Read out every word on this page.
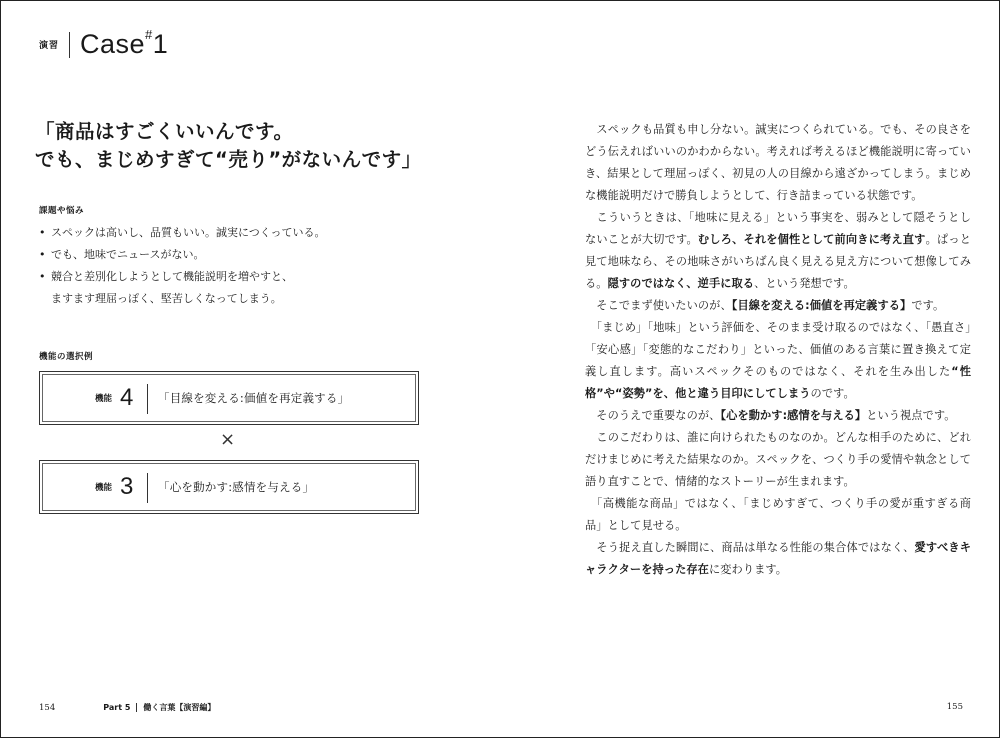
演習 Case#1
「商品はすごくいいんです。
でも、まじめすぎて“売り”がないんです」
課題や悩み
• スペックは高いし、品質もいい。誠実につくっている。
• でも、地味でニュースがない。
• 競合と差別化しようとして機能説明を増やすと、
ますます理屈っぽく、堅苦しくなってしまう。
機能の選択例
機能 4 「目線を変える:価値を再定義する」
×
機能 3 「心を動かす:感情を与える」
154	Part 5 働く言葉【演習編】

　スペックも品質も申し分ない。誠実につくられている。でも、その良さをどう伝えればいいのかわからない。考えれば考えるほど機能説明に寄っていき、結果として理屈っぽく、初見の人の目線から遠ざかってしまう。まじめな機能説明だけで勝負しようとして、行き詰まっている状態です。

　こういうときは、「地味に見える」という事実を、弱みとして隠そうとしないことが大切です。むしろ、それを個性として前向きに考え直す。ぱっと見て地味なら、その地味さがいちばん良く見える見え方について想像してみる。隠すのではなく、逆手に取る、という発想です。

　そこでまず使いたいのが、【目線を変える:価値を再定義する】です。

　「まじめ」「地味」という評価を、そのまま受け取るのではなく、「愚直さ」「安心感」「変態的なこだわり」といった、価値のある言葉に置き換えて定義し直します。高いスペックそのものではなく、それを生み出した“性格”や“姿勢”を、他と違う目印にしてしまうのです。

　そのうえで重要なのが、【心を動かす:感情を与える】という視点です。

　このこだわりは、誰に向けられたものなのか。どんな相手のために、どれだけまじめに考えた結果なのか。スペックを、つくり手の愛情や執念として語り直すことで、情緒的なストーリーが生まれます。

　「高機能な商品」ではなく、「まじめすぎて、つくり手の愛が重すぎる商品」として見せる。

　そう捉え直した瞬間に、商品は単なる性能の集合体ではなく、愛すべきキャラクターを持った存在に変わります。

155
